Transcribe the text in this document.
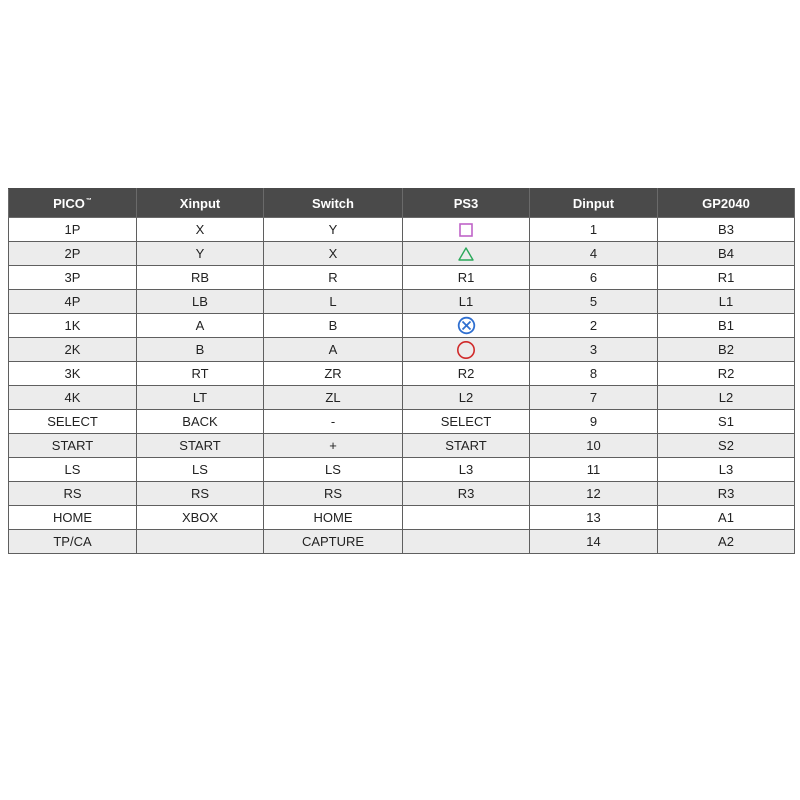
PICO™	Xinput	Switch	PS3	Dinput	GP2040
1P	X	Y		1	B3
2P	Y	X		4	B4
3P	RB	R	R1	6	R1
4P	LB	L	L1	5	L1
1K	A	B		2	B1
2K	B	A		3	B2
3K	RT	ZR	R2	8	R2
4K	LT	ZL	L2	7	L2
SELECT	BACK	-	SELECT	9	S1
START	START	+	START	10	S2
LS	LS	LS	L3	11	L3
RS	RS	RS	R3	12	R3
HOME	XBOX	HOME		13	A1
TP/CA		CAPTURE		14	A2
